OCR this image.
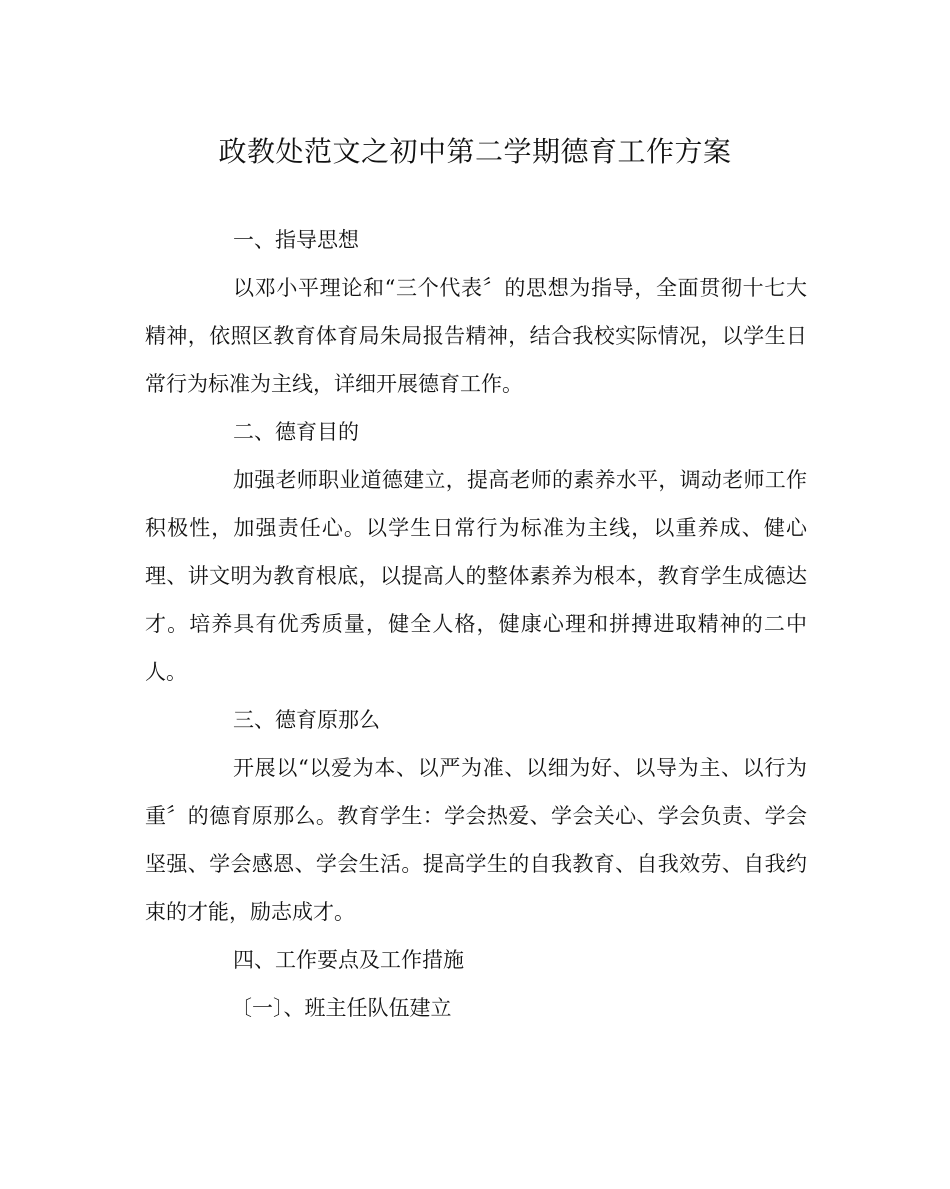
政教处范文之初中第二学期德育工作方案

一、指导思想

以邓小平理论和“三个代表〞的思想为指导，全面贯彻十七大精神，依照区教育体育局朱局报告精神，结合我校实际情况，以学生日常行为标准为主线，详细开展德育工作。

二、德育目的

加强老师职业道德建立，提高老师的素养水平，调动老师工作积极性，加强责任心。以学生日常行为标准为主线，以重养成、健心理、讲文明为教育根底，以提高人的整体素养为根本，教育学生成德达才。培养具有优秀质量，健全人格，健康心理和拼搏进取精神的二中人。

三、德育原那么

开展以“以爱为本、以严为准、以细为好、以导为主、以行为重〞的德育原那么。教育学生：学会热爱、学会关心、学会负责、学会坚强、学会感恩、学会生活。提高学生的自我教育、自我效劳、自我约束的才能，励志成才。

四、工作要点及工作措施

〔一〕、班主任队伍建立
